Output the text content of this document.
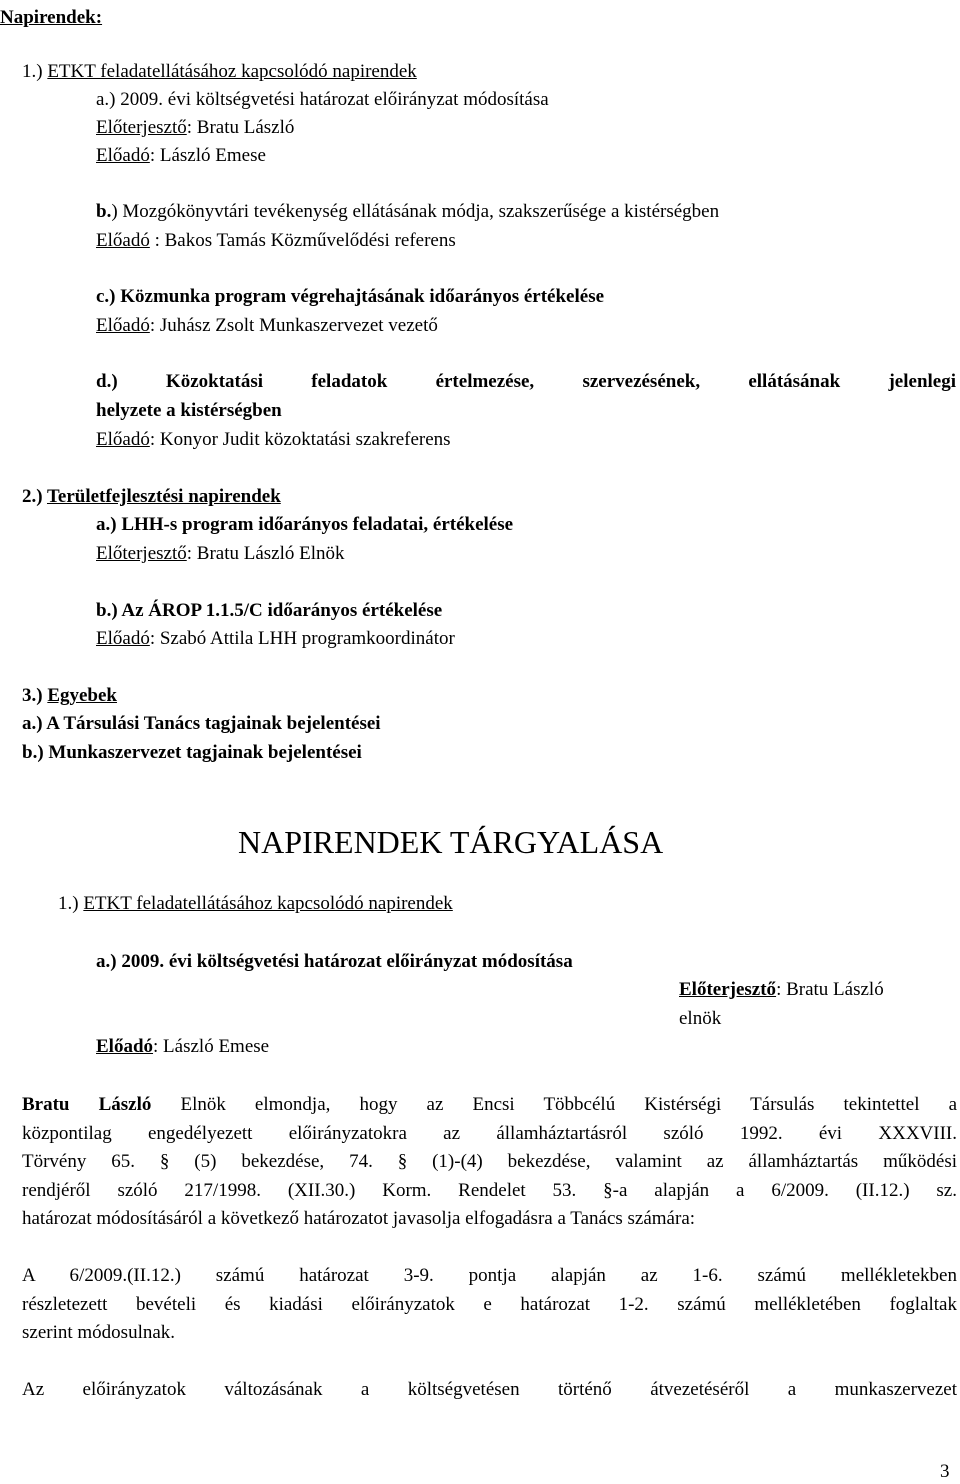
Napirendek:
1.) ETKT feladatellátásához kapcsolódó napirendek
a.) 2009. évi költségvetési határozat előirányzat módosítása
Előterjesztő: Bratu László
Előadó: László Emese
b.) Mozgókönyvtári tevékenység ellátásának módja, szakszerűsége a kistérségben
Előadó : Bakos Tamás Közművelődési referens
c.) Közmunka program végrehajtásának időarányos értékelése
Előadó: Juhász Zsolt Munkaszervezet vezető
d.) Közoktatási feladatok értelmezése, szervezésének, ellátásának jelenlegi
helyzete a kistérségben
Előadó: Konyor Judit közoktatási szakreferens
2.) Területfejlesztési napirendek
a.) LHH-s program időarányos feladatai, értékelése
Előterjesztő: Bratu László Elnök
b.) Az ÁROP 1.1.5/C időarányos értékelése
Előadó: Szabó Attila LHH programkoordinátor
3.) Egyebek
a.) A Társulási Tanács tagjainak bejelentései
b.) Munkaszervezet tagjainak bejelentései
NAPIRENDEK TÁRGYALÁSA
1.) ETKT feladatellátásához kapcsolódó napirendek
a.) 2009. évi költségvetési határozat előirányzat módosítása
Előterjesztő: Bratu László
elnök
Előadó: László Emese
Bratu László Elnök elmondja, hogy az Encsi Többcélú Kistérségi Társulás tekintettel a
központilag engedélyezett előirányzatokra az államháztartásról szóló 1992. évi XXXVIII.
Törvény 65. § (5) bekezdése, 74. § (1)-(4) bekezdése, valamint az államháztartás működési
rendjéről szóló 217/1998. (XII.30.) Korm. Rendelet 53. §-a alapján a 6/2009. (II.12.) sz.
határozat módosításáról a következő határozatot javasolja elfogadásra a Tanács számára:
A 6/2009.(II.12.) számú határozat 3-9. pontja alapján az 1-6. számú mellékletekben
részletezett bevételi és kiadási előirányzatok e határozat 1-2. számú mellékletében foglaltak
szerint módosulnak.
Az előirányzatok változásának a költségvetésen történő átvezetéséről a munkaszervezet
3
